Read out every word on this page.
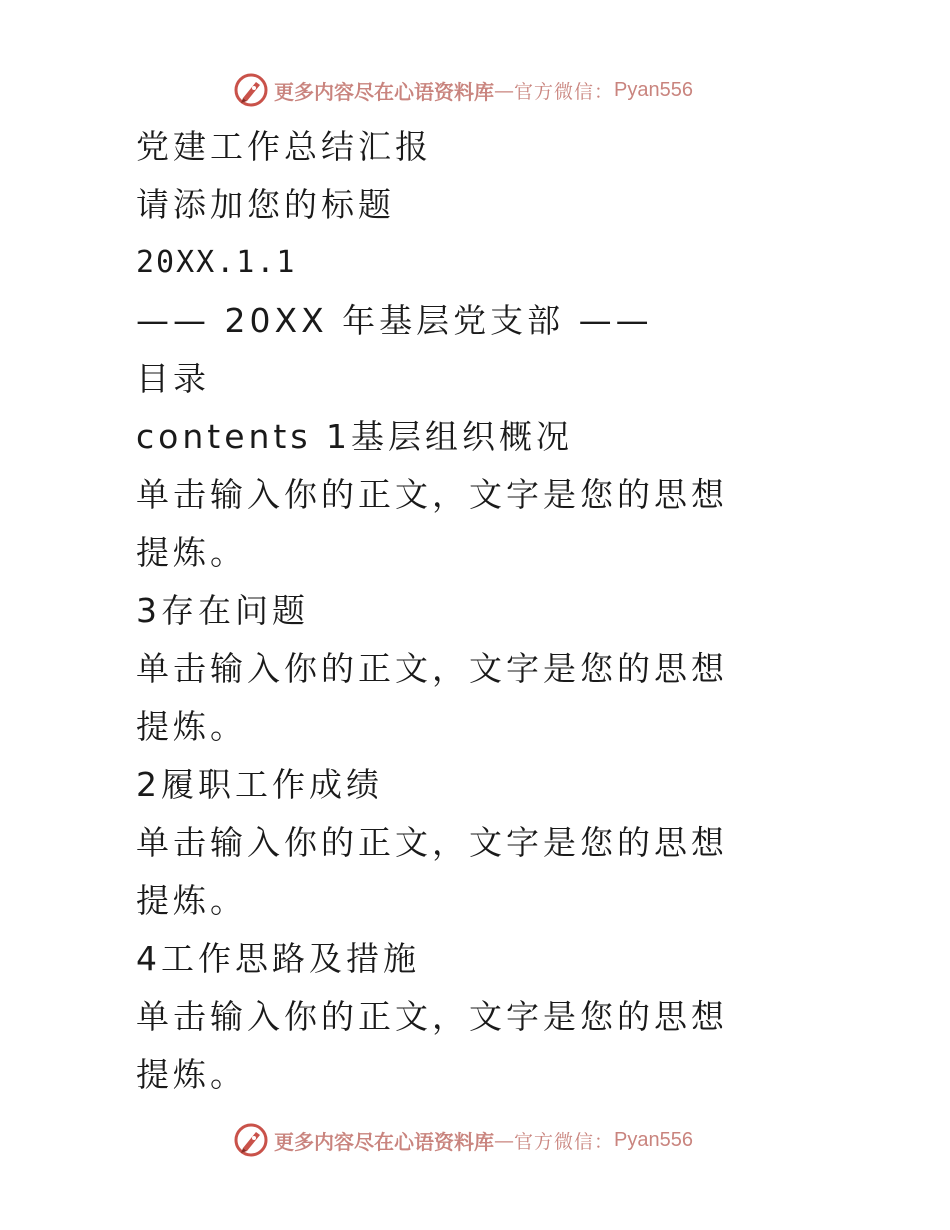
更多内容尽在心语资料库 — 官方微信： Pyan556
党建工作总结汇报
请添加您的标题
20XX.1.1
—— 20XX 年基层党支部 ——
目录
contents 1基层组织概况
单击输入你的正文，文字是您的思想
提炼。
3存在问题
单击输入你的正文，文字是您的思想
提炼。
2履职工作成绩
单击输入你的正文，文字是您的思想
提炼。
4工作思路及措施
单击输入你的正文，文字是您的思想
提炼。
更多内容尽在心语资料库 — 官方微信： Pyan556
